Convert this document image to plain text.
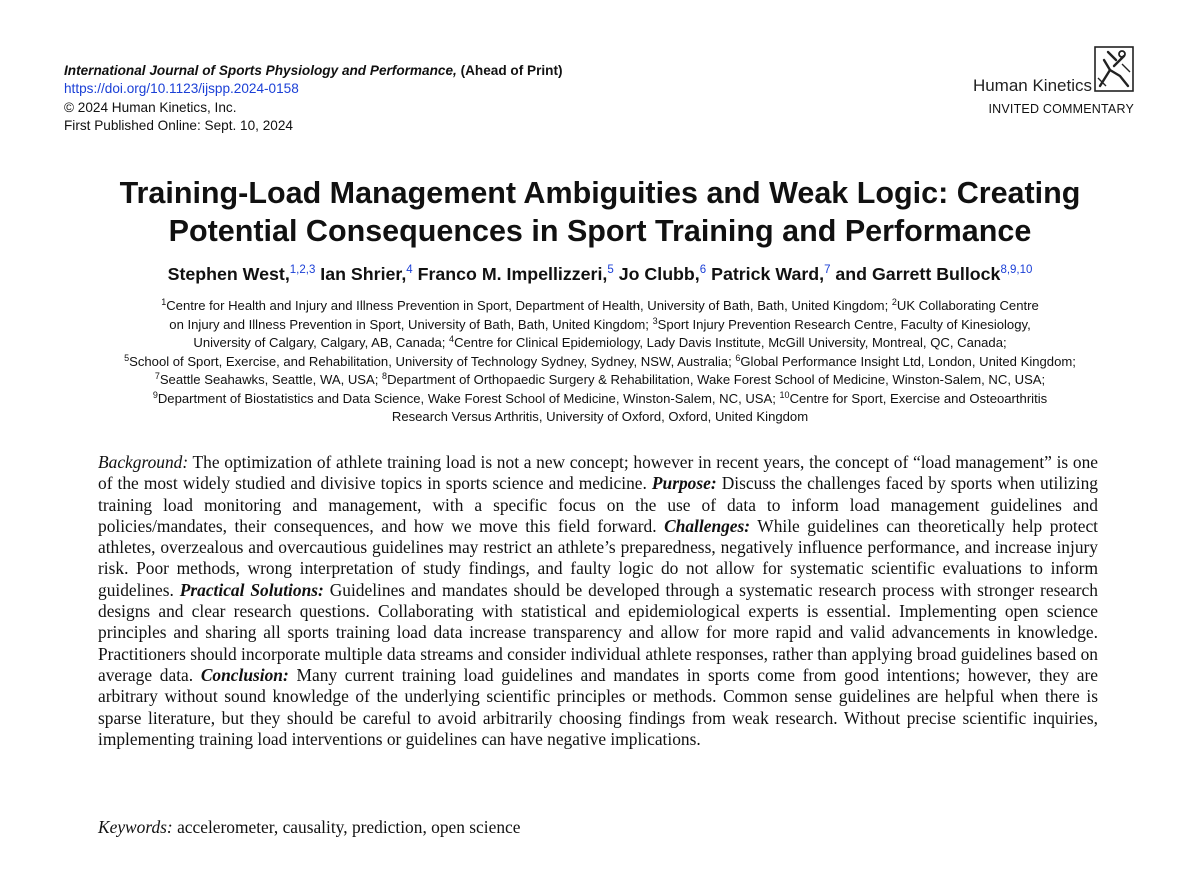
International Journal of Sports Physiology and Performance, (Ahead of Print)
https://doi.org/10.1123/ijspp.2024-0158
© 2024 Human Kinetics, Inc.
First Published Online: Sept. 10, 2024
Human Kinetics
INVITED COMMENTARY
Training-Load Management Ambiguities and Weak Logic: Creating
Potential Consequences in Sport Training and Performance
Stephen West,$^{1,2,3}$ Ian Shrier,$^4$ Franco M. Impellizzeri,$^5$ Jo Clubb,$^6$ Patrick Ward,$^7$ and Garrett Bullock$^{8,9,10}$
$^1$Centre for Health and Injury and Illness Prevention in Sport, Department of Health, University of Bath, Bath, United Kingdom; $^2$UK Collaborating Centre
on Injury and Illness Prevention in Sport, University of Bath, Bath, United Kingdom; $^3$Sport Injury Prevention Research Centre, Faculty of Kinesiology,
University of Calgary, Calgary, AB, Canada; $^4$Centre for Clinical Epidemiology, Lady Davis Institute, McGill University, Montreal, QC, Canada;
$^5$School of Sport, Exercise, and Rehabilitation, University of Technology Sydney, Sydney, NSW, Australia; $^6$Global Performance Insight Ltd, London, United Kingdom;
$^7$Seattle Seahawks, Seattle, WA, USA; $^8$Department of Orthopaedic Surgery & Rehabilitation, Wake Forest School of Medicine, Winston-Salem, NC, USA;
$^9$Department of Biostatistics and Data Science, Wake Forest School of Medicine, Winston-Salem, NC, USA; $^{10}$Centre for Sport, Exercise and Osteoarthritis
Research Versus Arthritis, University of Oxford, Oxford, United Kingdom

Background: The optimization of athlete training load is not a new concept; however in recent years, the concept of “load management” is one of the most widely studied and divisive topics in sports science and medicine. Purpose: Discuss the challenges faced by sports when utilizing training load monitoring and management, with a specific focus on the use of data to inform load management guidelines and policies/mandates, their consequences, and how we move this field forward. Challenges: While guidelines can theoretically help protect athletes, overzealous and overcautious guidelines may restrict an athlete’s preparedness, negatively influence performance, and increase injury risk. Poor methods, wrong interpretation of study findings, and faulty logic do not allow for systematic scientific evaluations to inform guidelines. Practical Solutions: Guidelines and mandates should be developed through a systematic research process with stronger research designs and clear research questions. Collaborating with statistical and epidemiological experts is essential. Implementing open science principles and sharing all sports training load data increase transparency and allow for more rapid and valid advancements in knowledge. Practitioners should incorporate multiple data streams and consider individual athlete responses, rather than applying broad guidelines based on average data. Conclusion: Many current training load guidelines and mandates in sports come from good intentions; however, they are arbitrary without sound knowledge of the underlying scientific principles or methods. Common sense guidelines are helpful when there is sparse literature, but they should be careful to avoid arbitrarily choosing findings from weak research. Without precise scientific inquiries, implementing training load interventions or guidelines can have negative implications.

Keywords: accelerometer, causality, prediction, open science
